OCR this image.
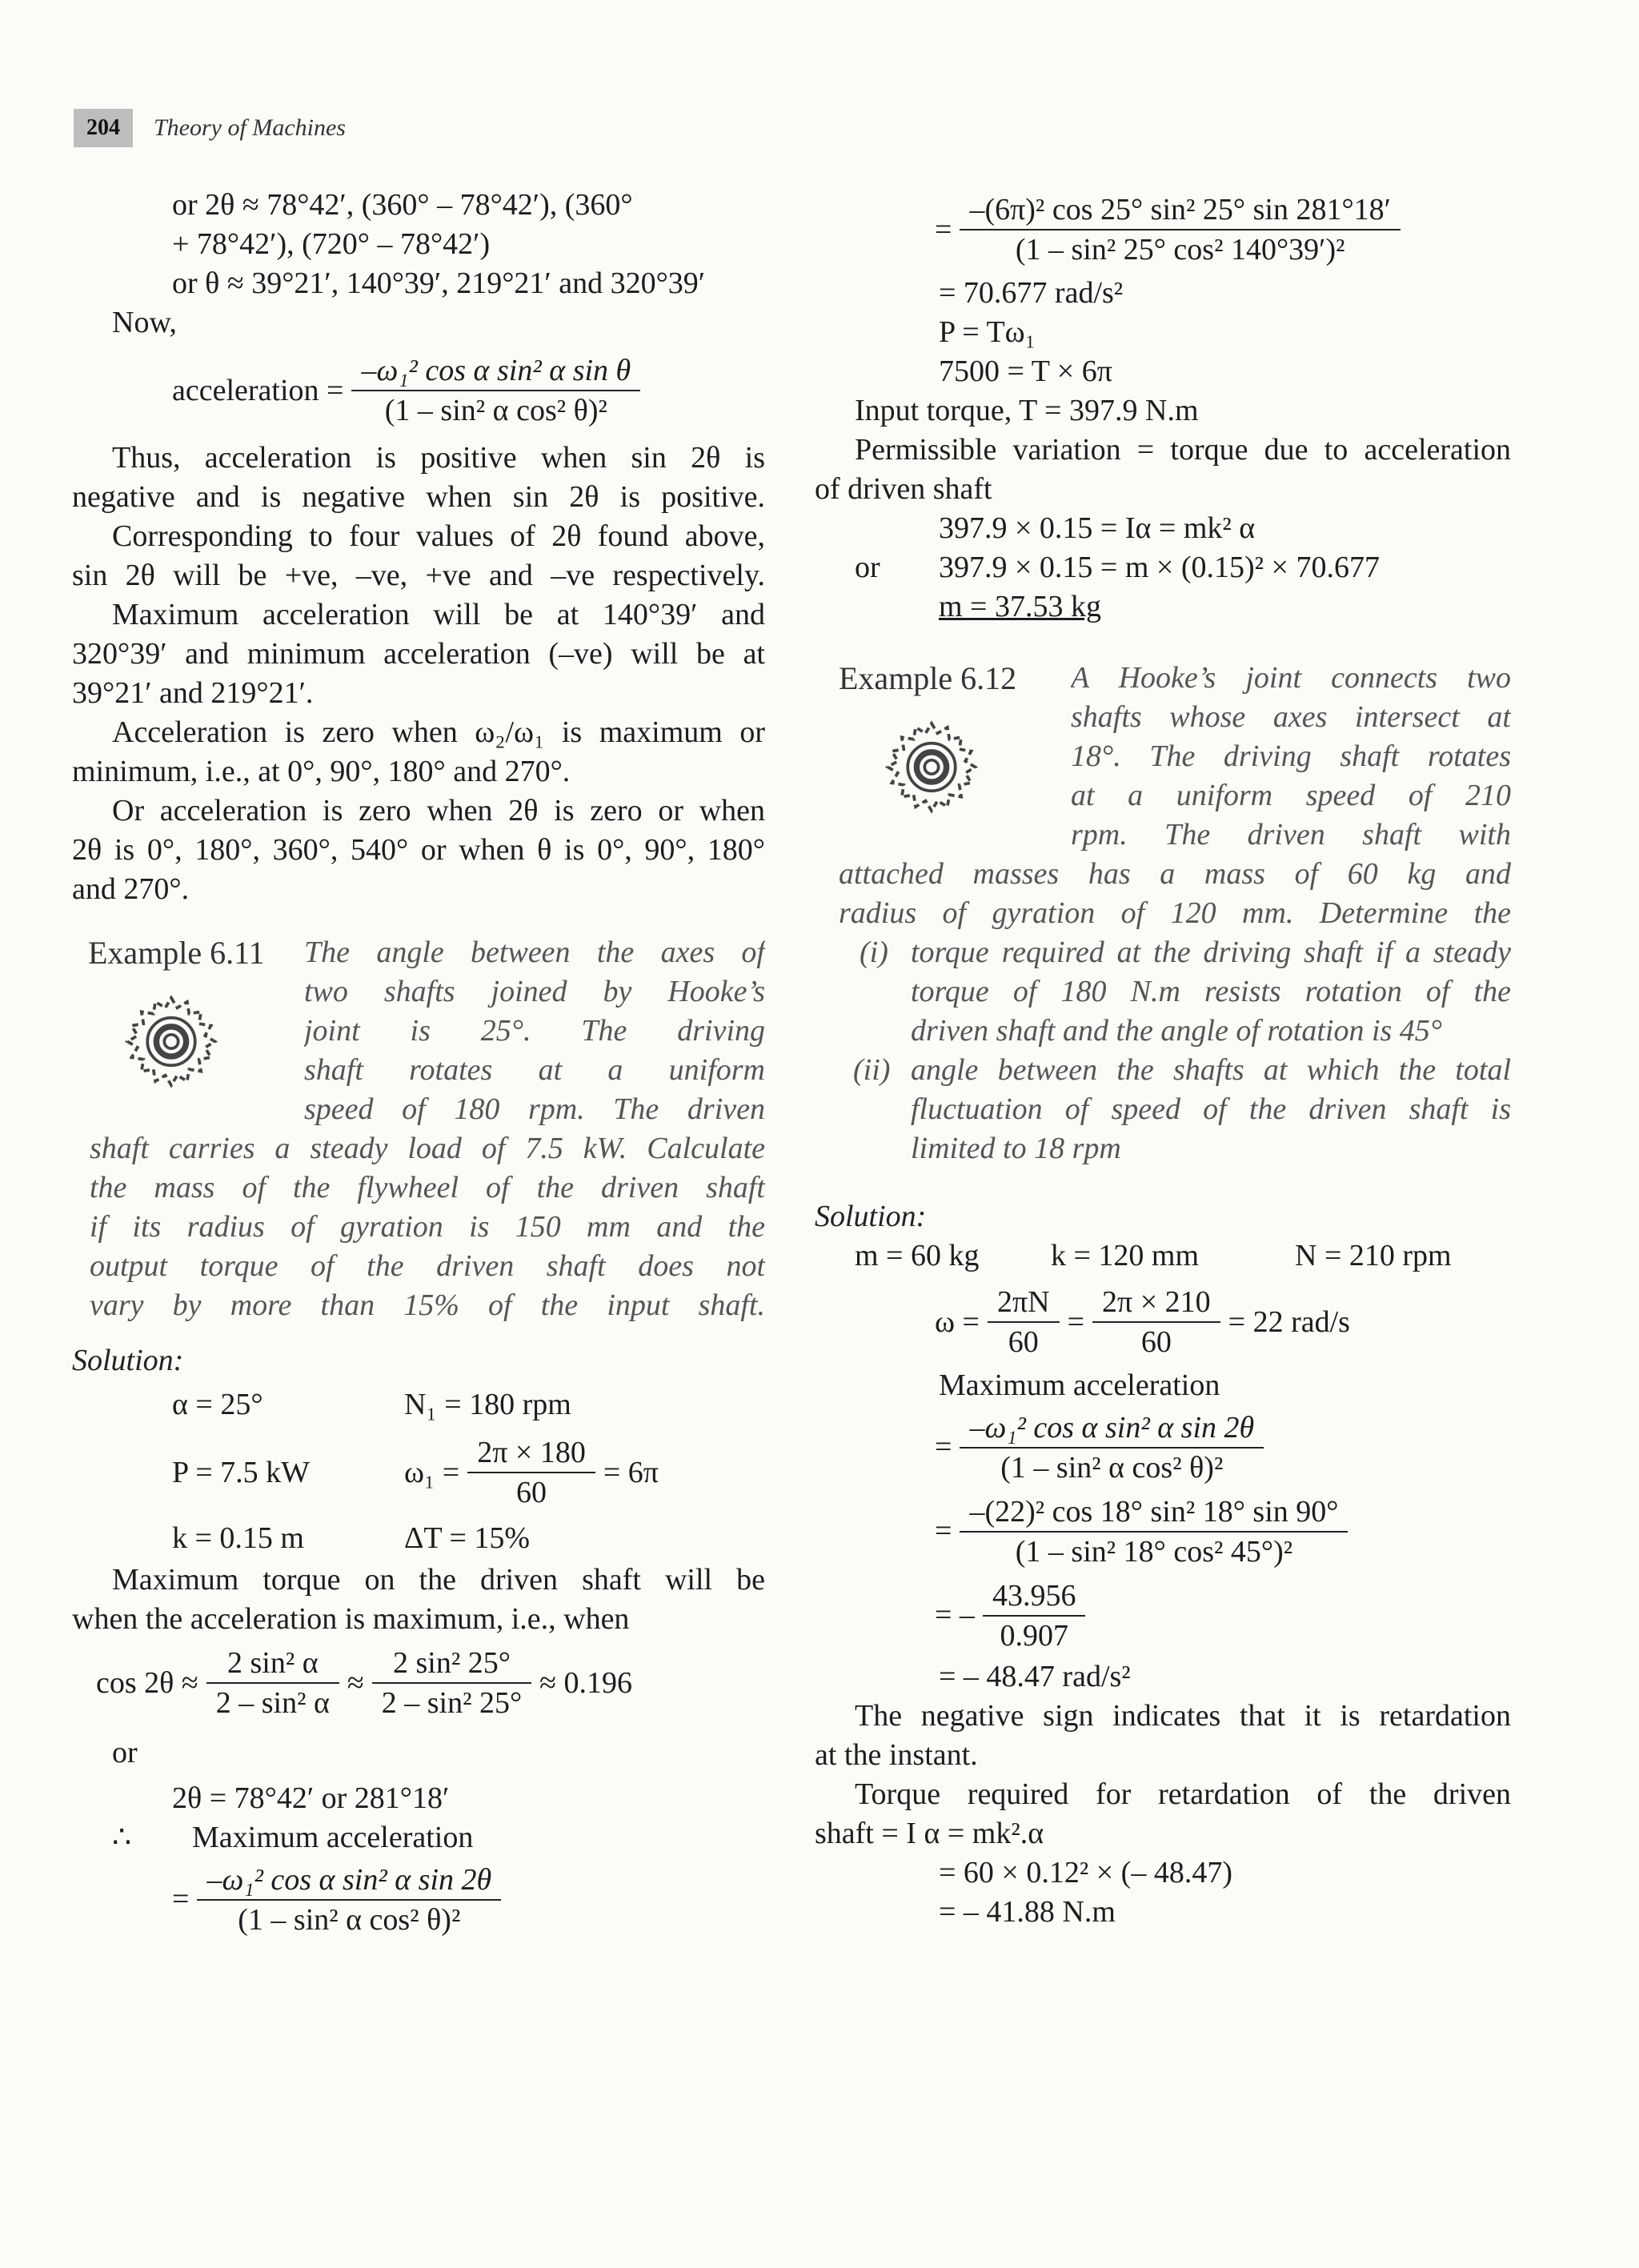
204	Theory of Machines
or 2θ ≈ 78°42′, (360° – 78°42′), (360°
+ 78°42′), (720° – 78°42′)
or θ ≈ 39°21′, 140°39′, 219°21′ and 320°39′
Now,
acceleration = $\frac{\text{–ω₁² cos α sin² α sin θ}}{\text{(1 – sin² α cos² θ)²}}$
Thus, acceleration is positive when sin 2θ is
negative and is negative when sin 2θ is positive.
Corresponding to four values of 2θ found above,
sin 2θ will be +ve, –ve, +ve and –ve respectively.
Maximum acceleration will be at 140°39′ and
320°39′ and minimum acceleration (–ve) will be at
39°21′ and 219°21′.
Acceleration is zero when ω₂/ω₁ is maximum or
minimum, i.e., at 0°, 90°, 180° and 270°.
Or acceleration is zero when 2θ is zero or when
2θ is 0°, 180°, 360°, 540° or when θ is 0°, 90°, 180°
and 270°.
Example 6.11	The angle between the axes of
two shafts joined by Hooke’s
joint is 25°. The driving
shaft rotates at a uniform
speed of 180 rpm. The driven
shaft carries a steady load of 7.5 kW. Calculate
the mass of the flywheel of the driven shaft
if its radius of gyration is 150 mm and the
output torque of the driven shaft does not
vary by more than 15% of the input shaft.
Solution:
α = 25°	N₁ = 180 rpm
P = 7.5 kW	$\omega_1 = \frac{2\pi \times 180}{60} = 6\pi$
k = 0.15 m	ΔT = 15%
Maximum torque on the driven shaft will be
when the acceleration is maximum, i.e., when
$\cos 2\theta \approx \frac{\text{2 sin² α}}{\text{2 – sin² α}} \approx \frac{\text{2 sin² 25°}}{\text{2 – sin² 25°}} \approx 0.196$
or
2θ = 78°42′ or 281°18′
∴ Maximum acceleration
= $\frac{\text{–ω₁² cos α sin² α sin 2θ}}{\text{(1 – sin² α cos² θ)²}}$
= $\frac{\text{–(6π)² cos 25° sin² 25° sin 281°18′}}{\text{(1 – sin² 25° cos² 140°39′)²}}$
= 70.677 rad/s²
P = Tω₁
7500 = T × 6π
Input torque, T = 397.9 N.m
Permissible variation = torque due to acceleration
of driven shaft
397.9 × 0.15 = Iα = mk² α
or 397.9 × 0.15 = m × (0.15)² × 70.677
m = 37.53 kg
Example 6.12	A Hooke’s joint connects two
shafts whose axes intersect at
18°. The driving shaft rotates
at a uniform speed of 210
rpm. The driven shaft with
attached masses has a mass of 60 kg and
radius of gyration of 120 mm. Determine the
(i) torque required at the driving shaft if a steady
torque of 180 N.m resists rotation of the
driven shaft and the angle of rotation is 45°
(ii) angle between the shafts at which the total
fluctuation of speed of the driven shaft is
limited to 18 rpm
Solution:
m = 60 kg	k = 120 mm	N = 210 rpm
$\omega = \frac{2\pi N}{60} = \frac{2\pi \times 210}{60} = 22$ rad/s
Maximum acceleration
= $\frac{\text{–ω₁² cos α sin² α sin 2θ}}{\text{(1 – sin² α cos² θ)²}}$
= $\frac{\text{–(22)² cos 18° sin² 18° sin 90°}}{\text{(1 – sin² 18° cos² 45°)²}}$
= – $\frac{43.956}{0.907}$
= – 48.47 rad/s²
The negative sign indicates that it is retardation
at the instant.
Torque required for retardation of the driven
shaft = I α = mk².α
= 60 × 0.12² × (– 48.47)
= – 41.88 N.m
